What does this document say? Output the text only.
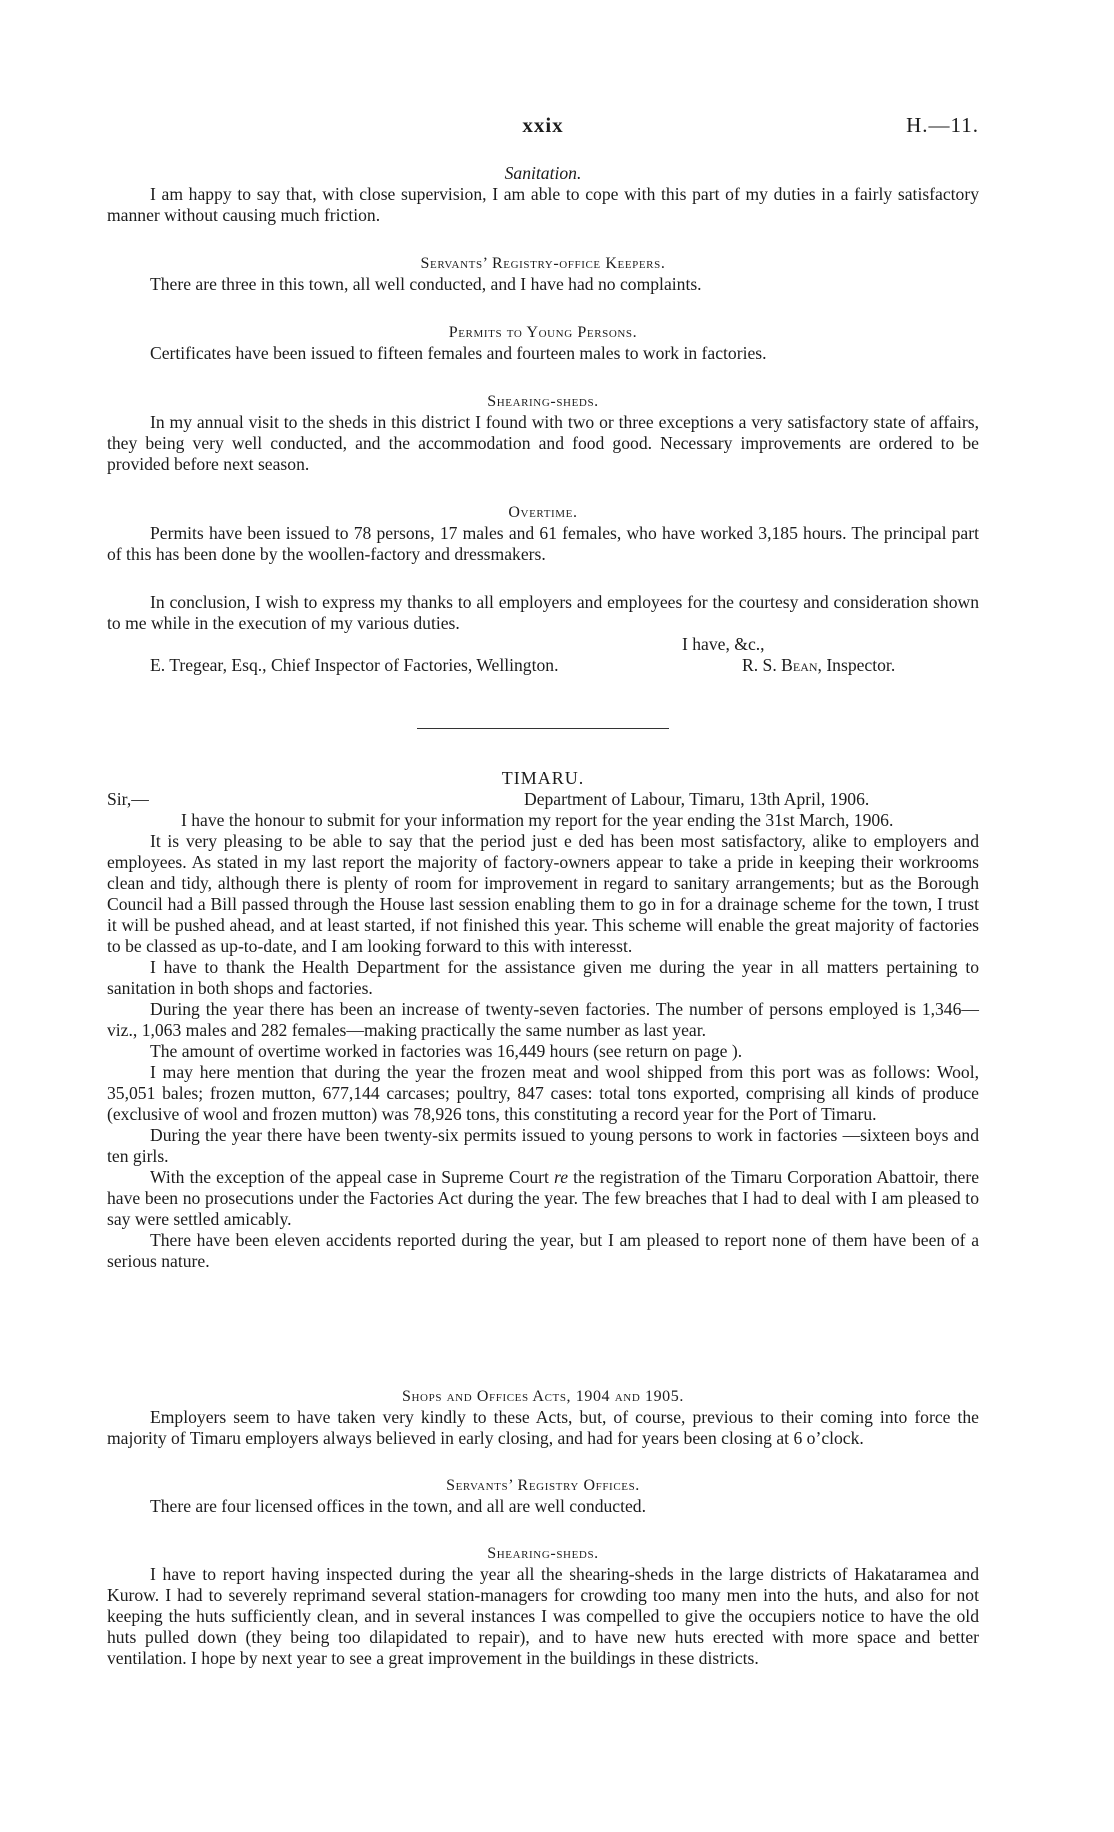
xxix	H.—11.

Sanitation.

I am happy to say that, with close supervision, I am able to cope with this part of my duties in a fairly satisfactory manner without causing much friction.

Servants’ Registry-office Keepers.

There are three in this town, all well conducted, and I have had no complaints.

Permits to Young Persons.

Certificates have been issued to fifteen females and fourteen males to work in factories.

Shearing-sheds.

In my annual visit to the sheds in this district I found with two or three exceptions a very satisfactory state of affairs, they being very well conducted, and the accommodation and food good. Necessary improvements are ordered to be provided before next season.

Overtime.

Permits have been issued to 78 persons, 17 males and 61 females, who have worked 3,185 hours. The principal part of this has been done by the woollen-factory and dressmakers.

In conclusion, I wish to express my thanks to all employers and employees for the courtesy and consideration shown to me while in the execution of my various duties.

I have, &c.,
E. Tregear, Esq., Chief Inspector of Factories, Wellington.	R. S. Bean, Inspector.

TIMARU.

Sir,—	Department of Labour, Timaru, 13th April, 1906.

I have the honour to submit for your information my report for the year ending the 31st March, 1906.

It is very pleasing to be able to say that the period just e ded has been most satisfactory, alike to employers and employees. As stated in my last report the majority of factory-owners appear to take a pride in keeping their workrooms clean and tidy, although there is plenty of room for improvement in regard to sanitary arrangements; but as the Borough Council had a Bill passed through the House last session enabling them to go in for a drainage scheme for the town, I trust it will be pushed ahead, and at least started, if not finished this year. This scheme will enable the great majority of factories to be classed as up-to-date, and I am looking forward to this with interesst.

I have to thank the Health Department for the assistance given me during the year in all matters pertaining to sanitation in both shops and factories.

During the year there has been an increase of twenty-seven factories. The number of persons employed is 1,346—viz., 1,063 males and 282 females—making practically the same number as last year.

The amount of overtime worked in factories was 16,449 hours (see return on page ).

I may here mention that during the year the frozen meat and wool shipped from this port was as follows: Wool, 35,051 bales; frozen mutton, 677,144 carcases; poultry, 847 cases: total tons exported, comprising all kinds of produce (exclusive of wool and frozen mutton) was 78,926 tons, this constituting a record year for the Port of Timaru.

During the year there have been twenty-six permits issued to young persons to work in factories —sixteen boys and ten girls.

With the exception of the appeal case in Supreme Court re the registration of the Timaru Corporation Abattoir, there have been no prosecutions under the Factories Act during the year. The few breaches that I had to deal with I am pleased to say were settled amicably.

There have been eleven accidents reported during the year, but I am pleased to report none of them have been of a serious nature.

Shops and Offices Acts, 1904 and 1905.

Employers seem to have taken very kindly to these Acts, but, of course, previous to their coming into force the majority of Timaru employers always believed in early closing, and had for years been closing at 6 o’clock.

Servants’ Registry Offices.

There are four licensed offices in the town, and all are well conducted.

Shearing-sheds.

I have to report having inspected during the year all the shearing-sheds in the large districts of Hakataramea and Kurow. I had to severely reprimand several station-managers for crowding too many men into the huts, and also for not keeping the huts sufficiently clean, and in several instances I was compelled to give the occupiers notice to have the old huts pulled down (they being too dilapidated to repair), and to have new huts erected with more space and better ventilation. I hope by next year to see a great improvement in the buildings in these districts.
